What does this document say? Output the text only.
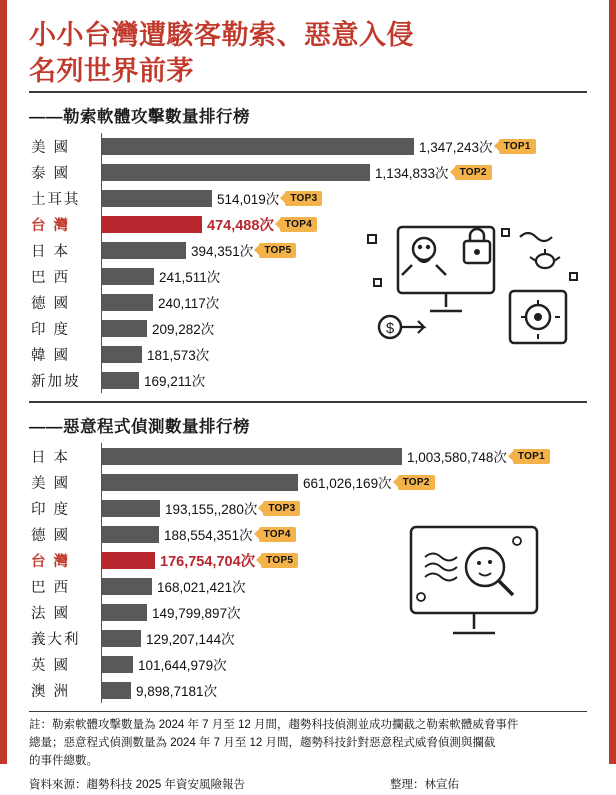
小小台灣遭駭客勒索、惡意入侵
名列世界前茅
——勒索軟體攻擊數量排行榜
$
美 國	1,347,243次	TOP1
泰 國	1,134,833次	TOP2
土耳其	514,019次	TOP3
台 灣	474,488次	TOP4
日 本	394,351次	TOP5
巴 西	241,511次
德 國	240,117次
印 度	209,282次
韓 國	181,573次
新加坡	169,211次
——惡意程式偵測數量排行榜
日 本	1,003,580,748次	TOP1
美 國	661,026,169次	TOP2
印 度	193,155,,280次	TOP3
德 國	188,554,351次	TOP4
台 灣	176,754,704次	TOP5
巴 西	168,021,421次
法 國	149,799,897次
義大利	129,207,144次
英 國	101,644,979次
澳 洲	9,898,7181次
註：勒索軟體攻擊數量為 2024 年 7 月至 12 月間，趨勢科技偵測並成功攔截之勒索軟體威脅事件
總量；惡意程式偵測數量為 2024 年 7 月至 12 月間，趨勢科技針對惡意程式威脅偵測與攔截
的事件總數。
資料來源：趨勢科技 2025 年資安風險報告	整理：林宣佑
